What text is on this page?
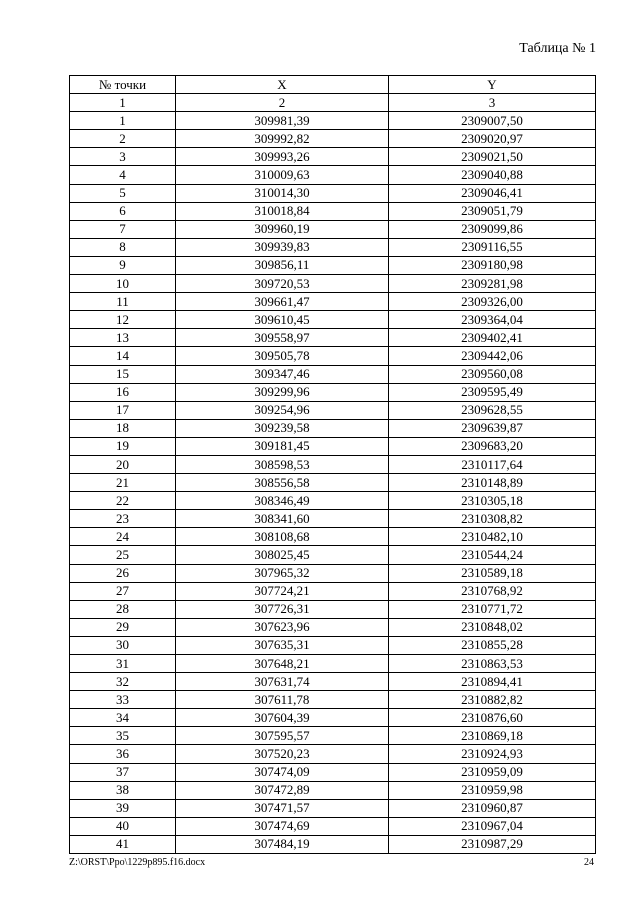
Таблица № 1
№ точки	X	Y
1	2	3
1	309981,39	2309007,50
2	309992,82	2309020,97
3	309993,26	2309021,50
4	310009,63	2309040,88
5	310014,30	2309046,41
6	310018,84	2309051,79
7	309960,19	2309099,86
8	309939,83	2309116,55
9	309856,11	2309180,98
10	309720,53	2309281,98
11	309661,47	2309326,00
12	309610,45	2309364,04
13	309558,97	2309402,41
14	309505,78	2309442,06
15	309347,46	2309560,08
16	309299,96	2309595,49
17	309254,96	2309628,55
18	309239,58	2309639,87
19	309181,45	2309683,20
20	308598,53	2310117,64
21	308556,58	2310148,89
22	308346,49	2310305,18
23	308341,60	2310308,82
24	308108,68	2310482,10
25	308025,45	2310544,24
26	307965,32	2310589,18
27	307724,21	2310768,92
28	307726,31	2310771,72
29	307623,96	2310848,02
30	307635,31	2310855,28
31	307648,21	2310863,53
32	307631,74	2310894,41
33	307611,78	2310882,82
34	307604,39	2310876,60
35	307595,57	2310869,18
36	307520,23	2310924,93
37	307474,09	2310959,09
38	307472,89	2310959,98
39	307471,57	2310960,87
40	307474,69	2310967,04
41	307484,19	2310987,29
Z:\ORST\Ppo\1229p895.f16.docx	24
